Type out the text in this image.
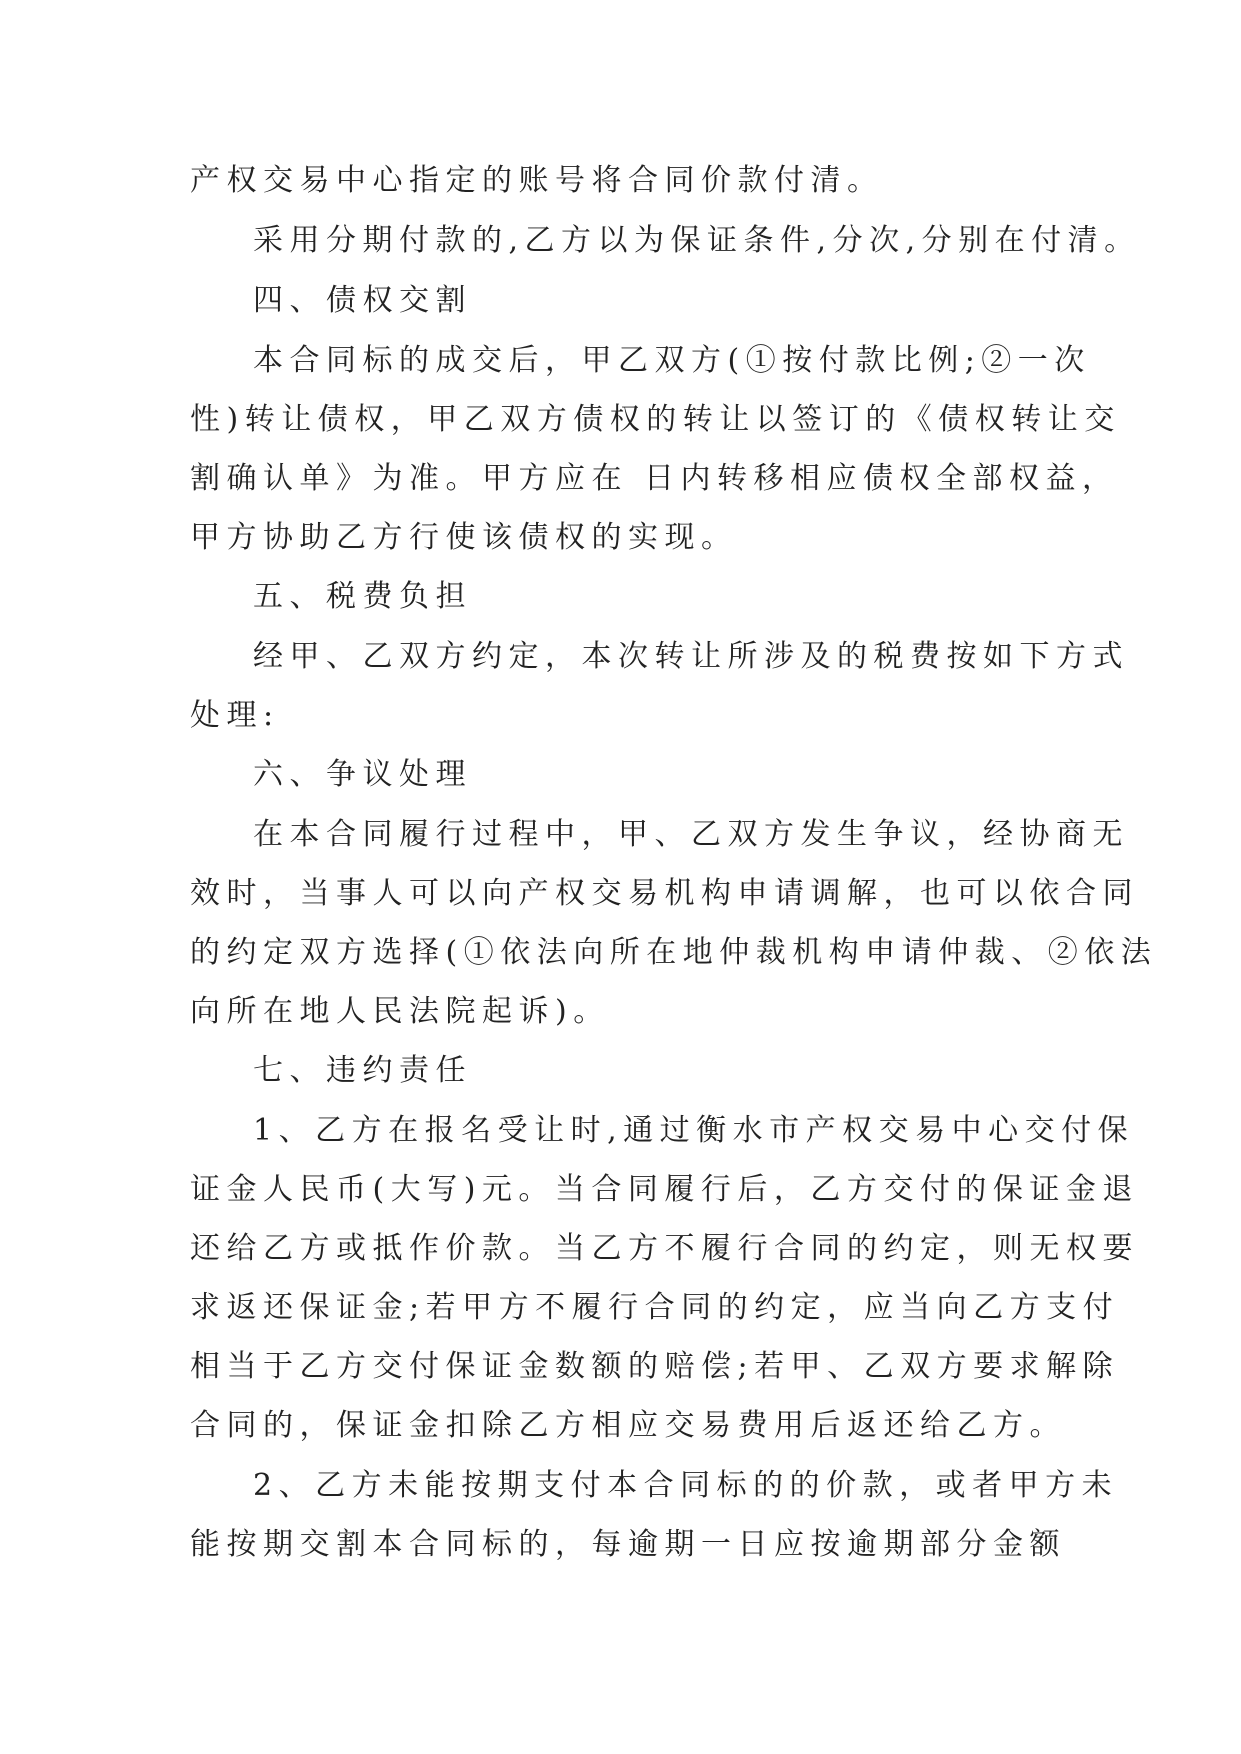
产权交易中心指定的账号将合同价款付清。

采用分期付款的,乙方以为保证条件,分次,分别在付清。

四、债权交割

本合同标的成交后，甲乙双方(①按付款比例;②一次

性)转让债权，甲乙双方债权的转让以签订的《债权转让交

割确认单》为准。甲方应在 日内转移相应债权全部权益，

甲方协助乙方行使该债权的实现。

五、税费负担

经甲、乙双方约定，本次转让所涉及的税费按如下方式

处理:

六、争议处理

在本合同履行过程中，甲、乙双方发生争议，经协商无

效时，当事人可以向产权交易机构申请调解，也可以依合同

的约定双方选择(①依法向所在地仲裁机构申请仲裁、②依法

向所在地人民法院起诉)。

七、违约责任

1、乙方在报名受让时,通过衡水市产权交易中心交付保

证金人民币(大写)元。当合同履行后，乙方交付的保证金退

还给乙方或抵作价款。当乙方不履行合同的约定，则无权要

求返还保证金;若甲方不履行合同的约定，应当向乙方支付

相当于乙方交付保证金数额的赔偿;若甲、乙双方要求解除

合同的，保证金扣除乙方相应交易费用后返还给乙方。

2、乙方未能按期支付本合同标的的价款，或者甲方未

能按期交割本合同标的，每逾期一日应按逾期部分金额
